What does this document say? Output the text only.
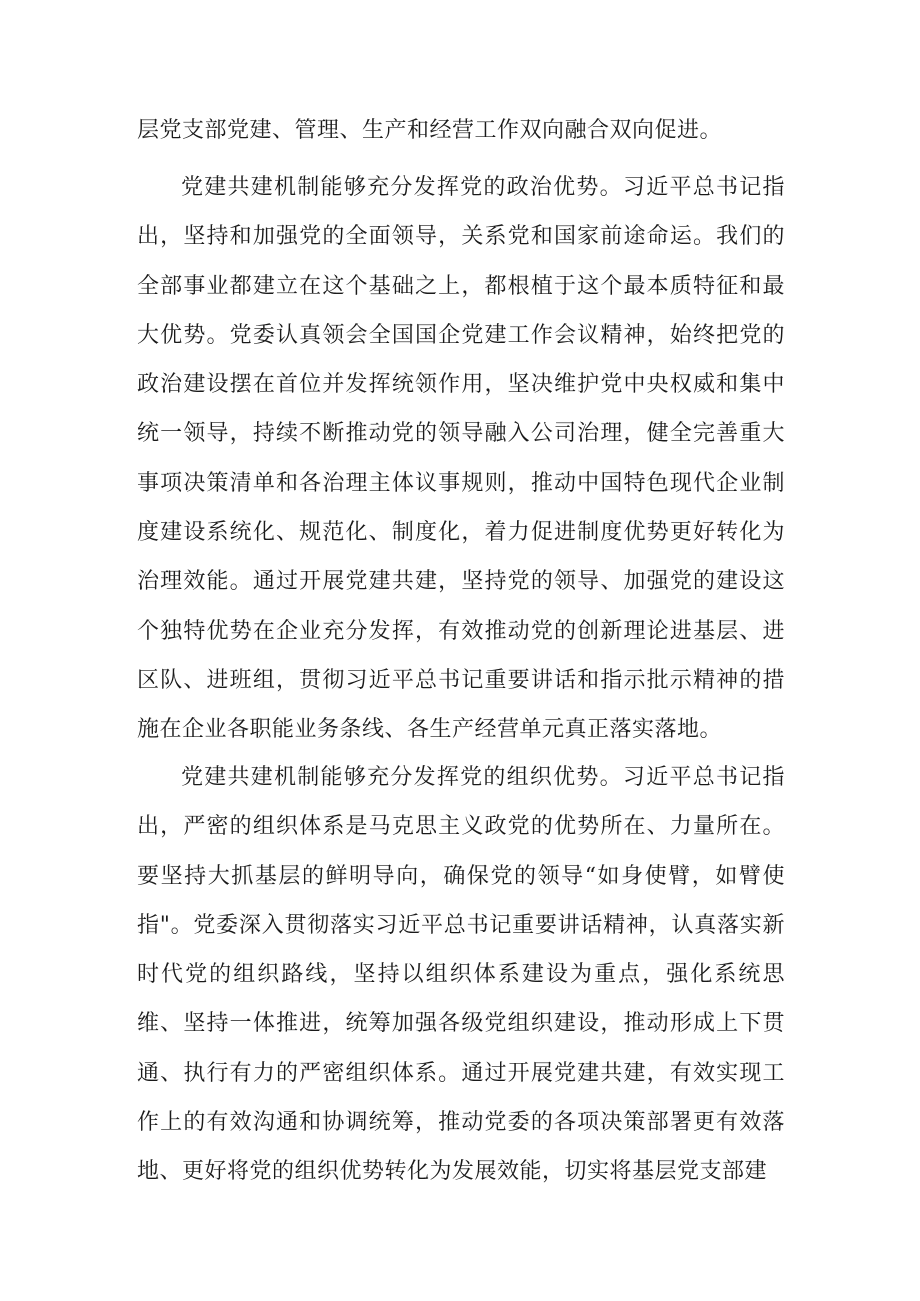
层党支部党建、管理、生产和经营工作双向融合双向促进。

党建共建机制能够充分发挥党的政治优势。习近平总书记指出，坚持和加强党的全面领导，关系党和国家前途命运。我们的全部事业都建立在这个基础之上，都根植于这个最本质特征和最大优势。党委认真领会全国国企党建工作会议精神，始终把党的政治建设摆在首位并发挥统领作用，坚决维护党中央权威和集中统一领导，持续不断推动党的领导融入公司治理，健全完善重大事项决策清单和各治理主体议事规则，推动中国特色现代企业制度建设系统化、规范化、制度化，着力促进制度优势更好转化为治理效能。通过开展党建共建，坚持党的领导、加强党的建设这个独特优势在企业充分发挥，有效推动党的创新理论进基层、进区队、进班组，贯彻习近平总书记重要讲话和指示批示精神的措施在企业各职能业务条线、各生产经营单元真正落实落地。

党建共建机制能够充分发挥党的组织优势。习近平总书记指出，严密的组织体系是马克思主义政党的优势所在、力量所在。要坚持大抓基层的鲜明导向，确保党的领导“如身使臂，如臂使指"。党委深入贯彻落实习近平总书记重要讲话精神，认真落实新时代党的组织路线，坚持以组织体系建设为重点，强化系统思维、坚持一体推进，统筹加强各级党组织建设，推动形成上下贯通、执行有力的严密组织体系。通过开展党建共建，有效实现工作上的有效沟通和协调统筹，推动党委的各项决策部署更有效落地、更好将党的组织优势转化为发展效能，切实将基层党支部建
